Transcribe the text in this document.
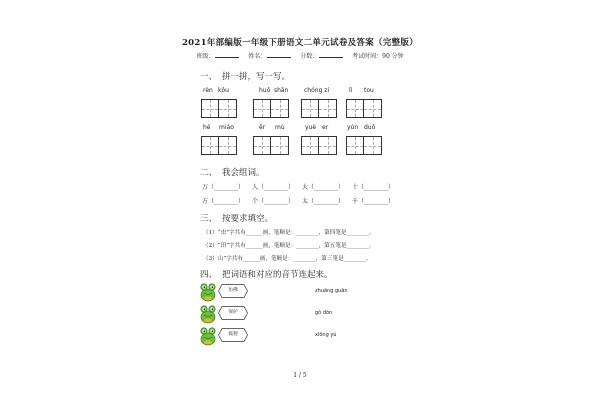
2021年部编版一年级下册语文二单元试卷及答案（完整版）
班级：	姓名：	分数：	考试时间：90 分钟
一、 拼一拼，写一写。
rèn kǒu	huǒ shān	chóng zi	lì tou
hé miáo	ěr mù	yuè er	yún duǒ
二、 我会组词。
万（________） 人（________） 大（________） 十（________）
方（________） 个（________） 太（________） 千（________）
三、 按要求填空。
（1）“虫”字共有______画，笔顺是：________，第四笔是________。
（2）“田”字共有______画，笔顺是：________，第五笔是________。
（3）山”字共有______画，笔顺是：________，第三笔是________。
四、 把词语和对应的音节连起来。
仿佛	zhuāng guān
保护	gǒ dōn
狐狸	xiōng yú
1 / 5
